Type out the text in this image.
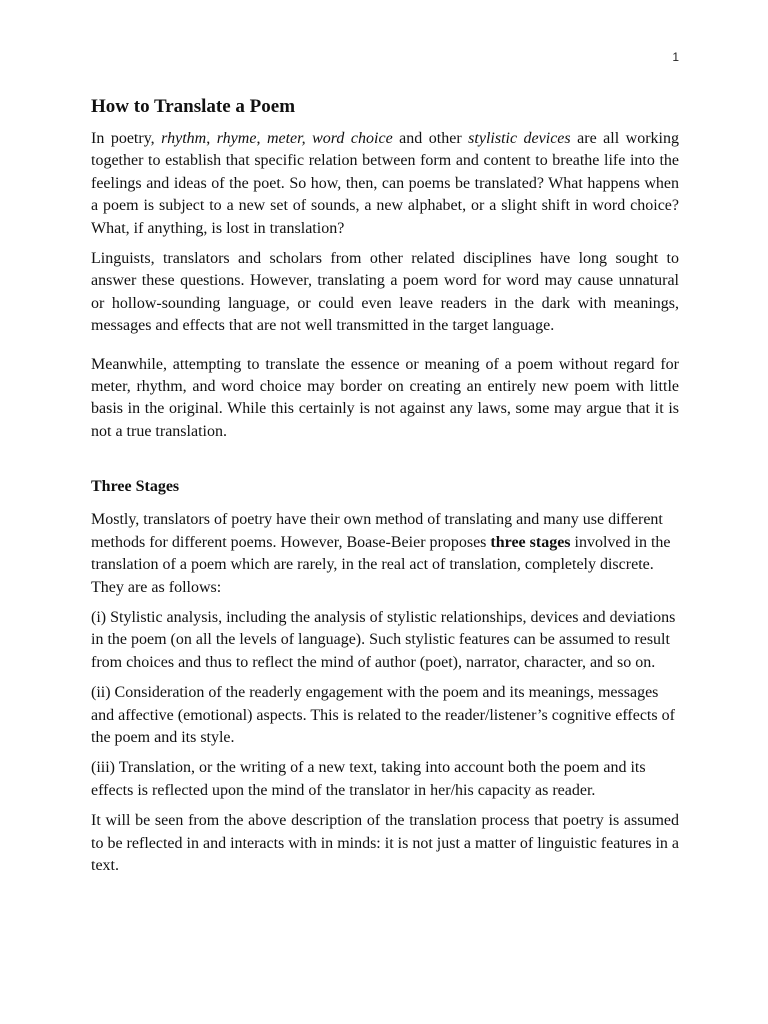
1
How to Translate a Poem

In poetry, rhythm, rhyme, meter, word choice and other stylistic devices are all working together to establish that specific relation between form and content to breathe life into the feelings and ideas of the poet. So how, then, can poems be translated? What happens when a poem is subject to a new set of sounds, a new alphabet, or a slight shift in word choice? What, if anything, is lost in translation?

Linguists, translators and scholars from other related disciplines have long sought to answer these questions. However, translating a poem word for word may cause unnatural or hollow-sounding language, or could even leave readers in the dark with meanings, messages and effects that are not well transmitted in the target language.

Meanwhile, attempting to translate the essence or meaning of a poem without regard for meter, rhythm, and word choice may border on creating an entirely new poem with little basis in the original. While this certainly is not against any laws, some may argue that it is not a true translation.

Three Stages

Mostly, translators of poetry have their own method of translating and many use different methods for different poems. However, Boase-Beier proposes three stages involved in the translation of a poem which are rarely, in the real act of translation, completely discrete. They are as follows:

(i) Stylistic analysis, including the analysis of stylistic relationships, devices and deviations in the poem (on all the levels of language). Such stylistic features can be assumed to result from choices and thus to reflect the mind of author (poet), narrator, character, and so on.

(ii) Consideration of the readerly engagement with the poem and its meanings, messages and affective (emotional) aspects. This is related to the reader/listener’s cognitive effects of the poem and its style.

(iii) Translation, or the writing of a new text, taking into account both the poem and its effects is reflected upon the mind of the translator in her/his capacity as reader.

It will be seen from the above description of the translation process that poetry is assumed to be reflected in and interacts with in minds: it is not just a matter of linguistic features in a text.
